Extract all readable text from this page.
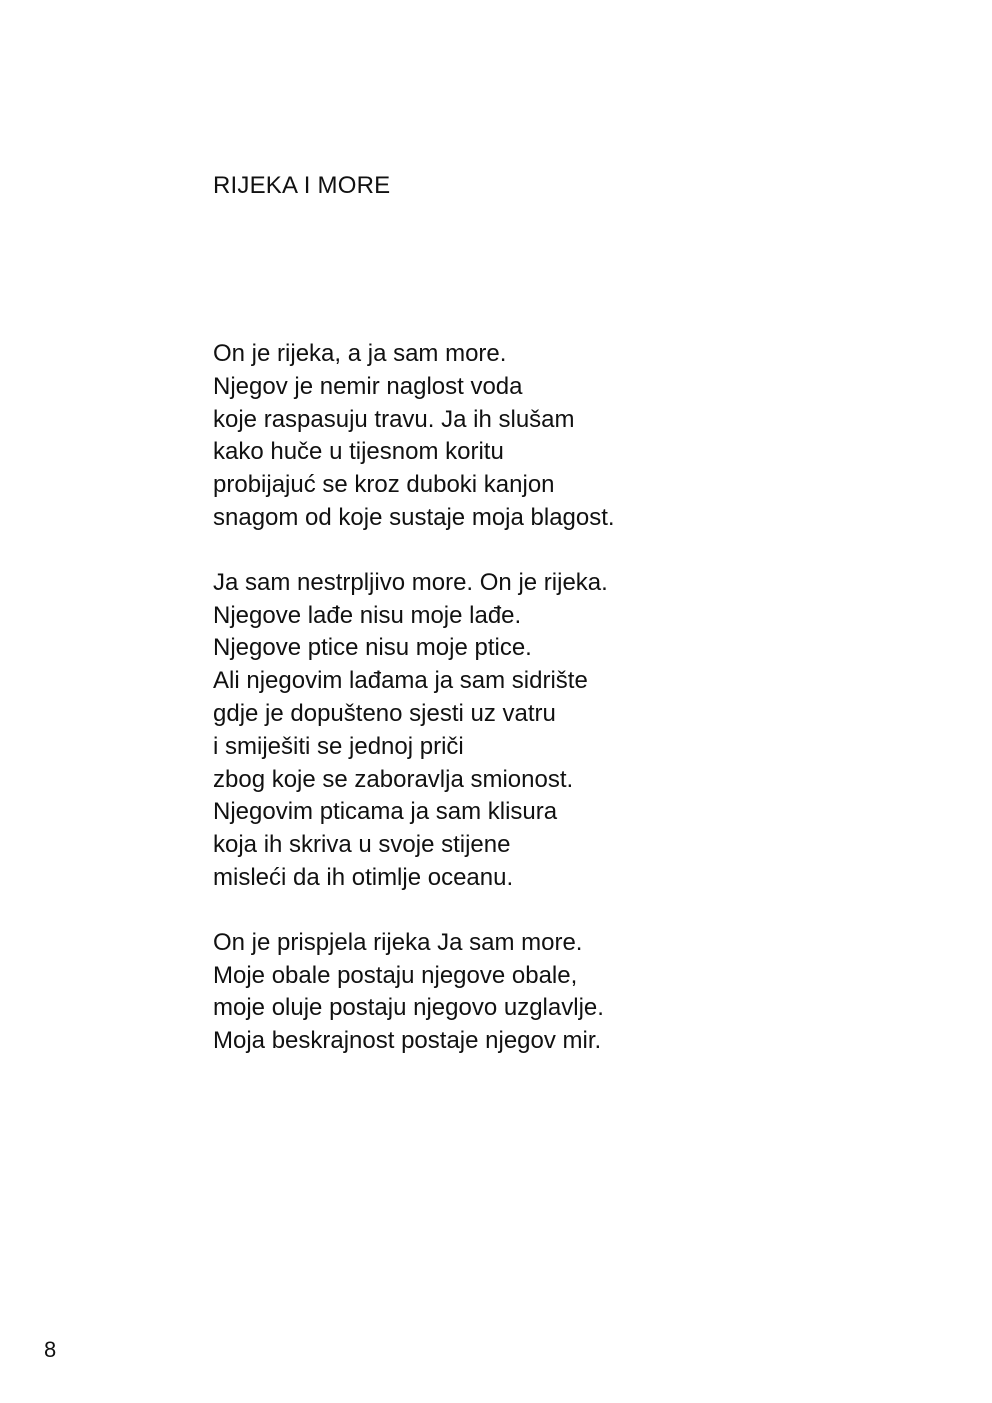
RIJEKA I MORE
On je rijeka, a ja sam more.
Njegov je nemir naglost voda
koje raspasuju travu. Ja ih slušam
kako huče u tijesnom koritu
probijajuć se kroz duboki kanjon
snagom od koje sustaje moja blagost.
Ja sam nestrpljivo more. On je rijeka.
Njegove lađe nisu moje lađe.
Njegove ptice nisu moje ptice.
Ali njegovim lađama ja sam sidrište
gdje je dopušteno sjesti uz vatru
i smiješiti se jednoj priči
zbog koje se zaboravlja smionost.
Njegovim pticama ja sam klisura
koja ih skriva u svoje stijene
misleći da ih otimlje oceanu.
On je prispjela rijeka Ja sam more.
Moje obale postaju njegove obale,
moje oluje postaju njegovo uzglavlje.
Moja beskrajnost postaje njegov mir.
8
